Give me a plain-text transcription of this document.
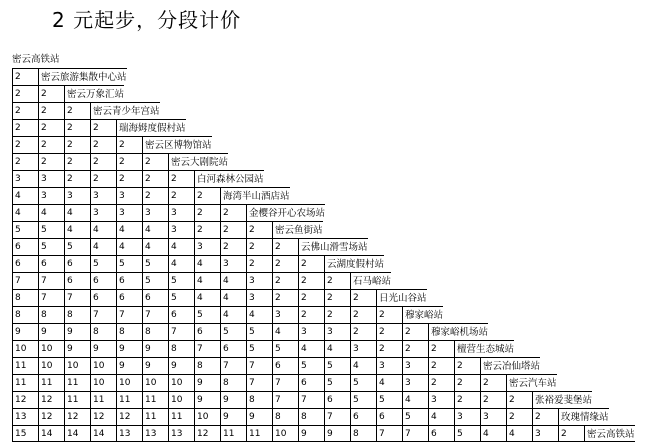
2 元起步，分段计价
密云高铁站
2	密云旅游集散中心站
2	2	密云万象汇站
2	2	2	密云青少年宫站
2	2	2	2	瑞海姆度假村站
2	2	2	2	2	密云区博物馆站
2	2	2	2	2	2	密云大剧院站
3	3	2	2	2	2	2	白河森林公园站
4	3	3	3	3	2	2	2	海湾半山酒店站
4	4	4	3	3	3	3	2	2	金樱谷开心农场站
5	5	4	4	4	4	3	2	2	2	密云鱼街站
6	5	5	4	4	4	4	3	2	2	2	云佛山滑雪场站
6	6	6	5	5	5	4	4	3	2	2	2	云湖度假村站
7	7	6	6	6	5	5	4	4	3	2	2	2	石马峪站
8	7	7	6	6	6	5	4	4	3	2	2	2	2	日光山谷站
8	8	8	7	7	7	6	5	4	4	3	2	2	2	2	穆家峪站
9	9	9	8	8	8	7	6	5	5	4	3	3	2	2	2	穆家峪机场站
10	10	9	9	9	9	8	7	6	5	5	4	4	3	2	2	2	檀营生态城站
11	10	10	10	9	9	9	8	7	7	6	5	5	4	3	3	2	2	密云冶仙塔站
11	11	11	10	10	10	10	9	8	7	7	6	5	5	4	3	2	2	2	密云汽车站
12	12	11	11	11	11	10	9	9	8	7	7	6	5	5	4	3	2	2	2	张裕爱斐堡站
13	12	12	12	12	11	11	10	9	9	8	8	7	6	6	5	4	3	3	2	2	玫瑰情缘站
15	14	14	14	13	13	13	12	11	11	10	9	9	8	7	7	6	5	4	4	3	2	密云高铁站
